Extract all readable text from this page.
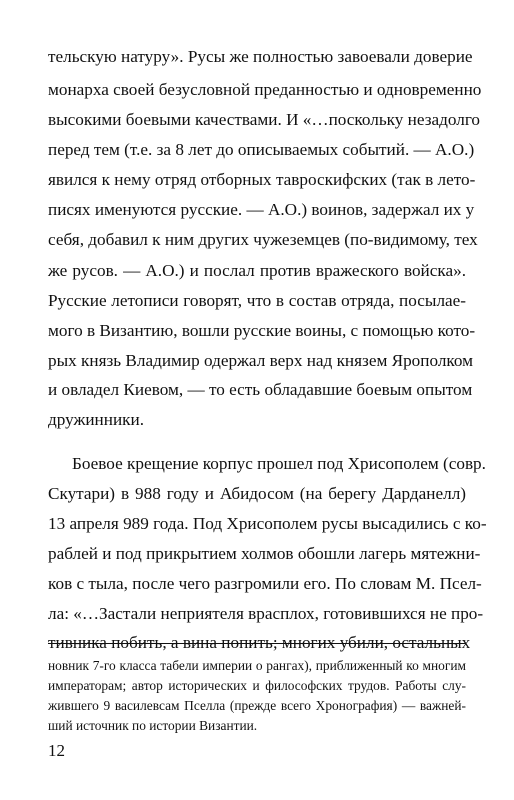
тельскую натуру». Русы же полностью завоевали доверие
монарха своей безусловной преданностью и одновременно
высокими боевыми качествами. И «…поскольку незадолго
перед тем (т.е. за 8 лет до описываемых событий. — А.О.)
явился к нему отряд отборных тавроскифских (так в лето-
писях именуются русские. — А.О.) воинов, задержал их у
себя, добавил к ним других чужеземцев (по-видимому, тех
же русов. — А.О.) и послал против вражеского войска».
Русские летописи говорят, что в состав отряда, посылае-
мого в Византию, вошли русские воины, с помощью кото-
рых князь Владимир одержал верх над князем Ярополком
и овладел Киевом, — то есть обладавшие боевым опытом
дружинники.
Боевое крещение корпус прошел под Хрисополем (совр.
Скутари) в 988 году и Абидосом (на берегу Дарданелл)
13 апреля 989 года. Под Хрисополем русы высадились с ко-
раблей и под прикрытием холмов обошли лагерь мятежни-
ков с тыла, после чего разгромили его. По словам М. Псел-
ла: «…Застали неприятеля врасплох, готовившихся не про-
тивника побить, а вина попить; многих убили, остальных
новник 7-го класса табели империи о рангах), приближенный ко многим
императорам; автор исторических и философских трудов. Работы слу-
жившего 9 василевсам Пселла (прежде всего Хронография) — важней-
ший источник по истории Византии.
12
